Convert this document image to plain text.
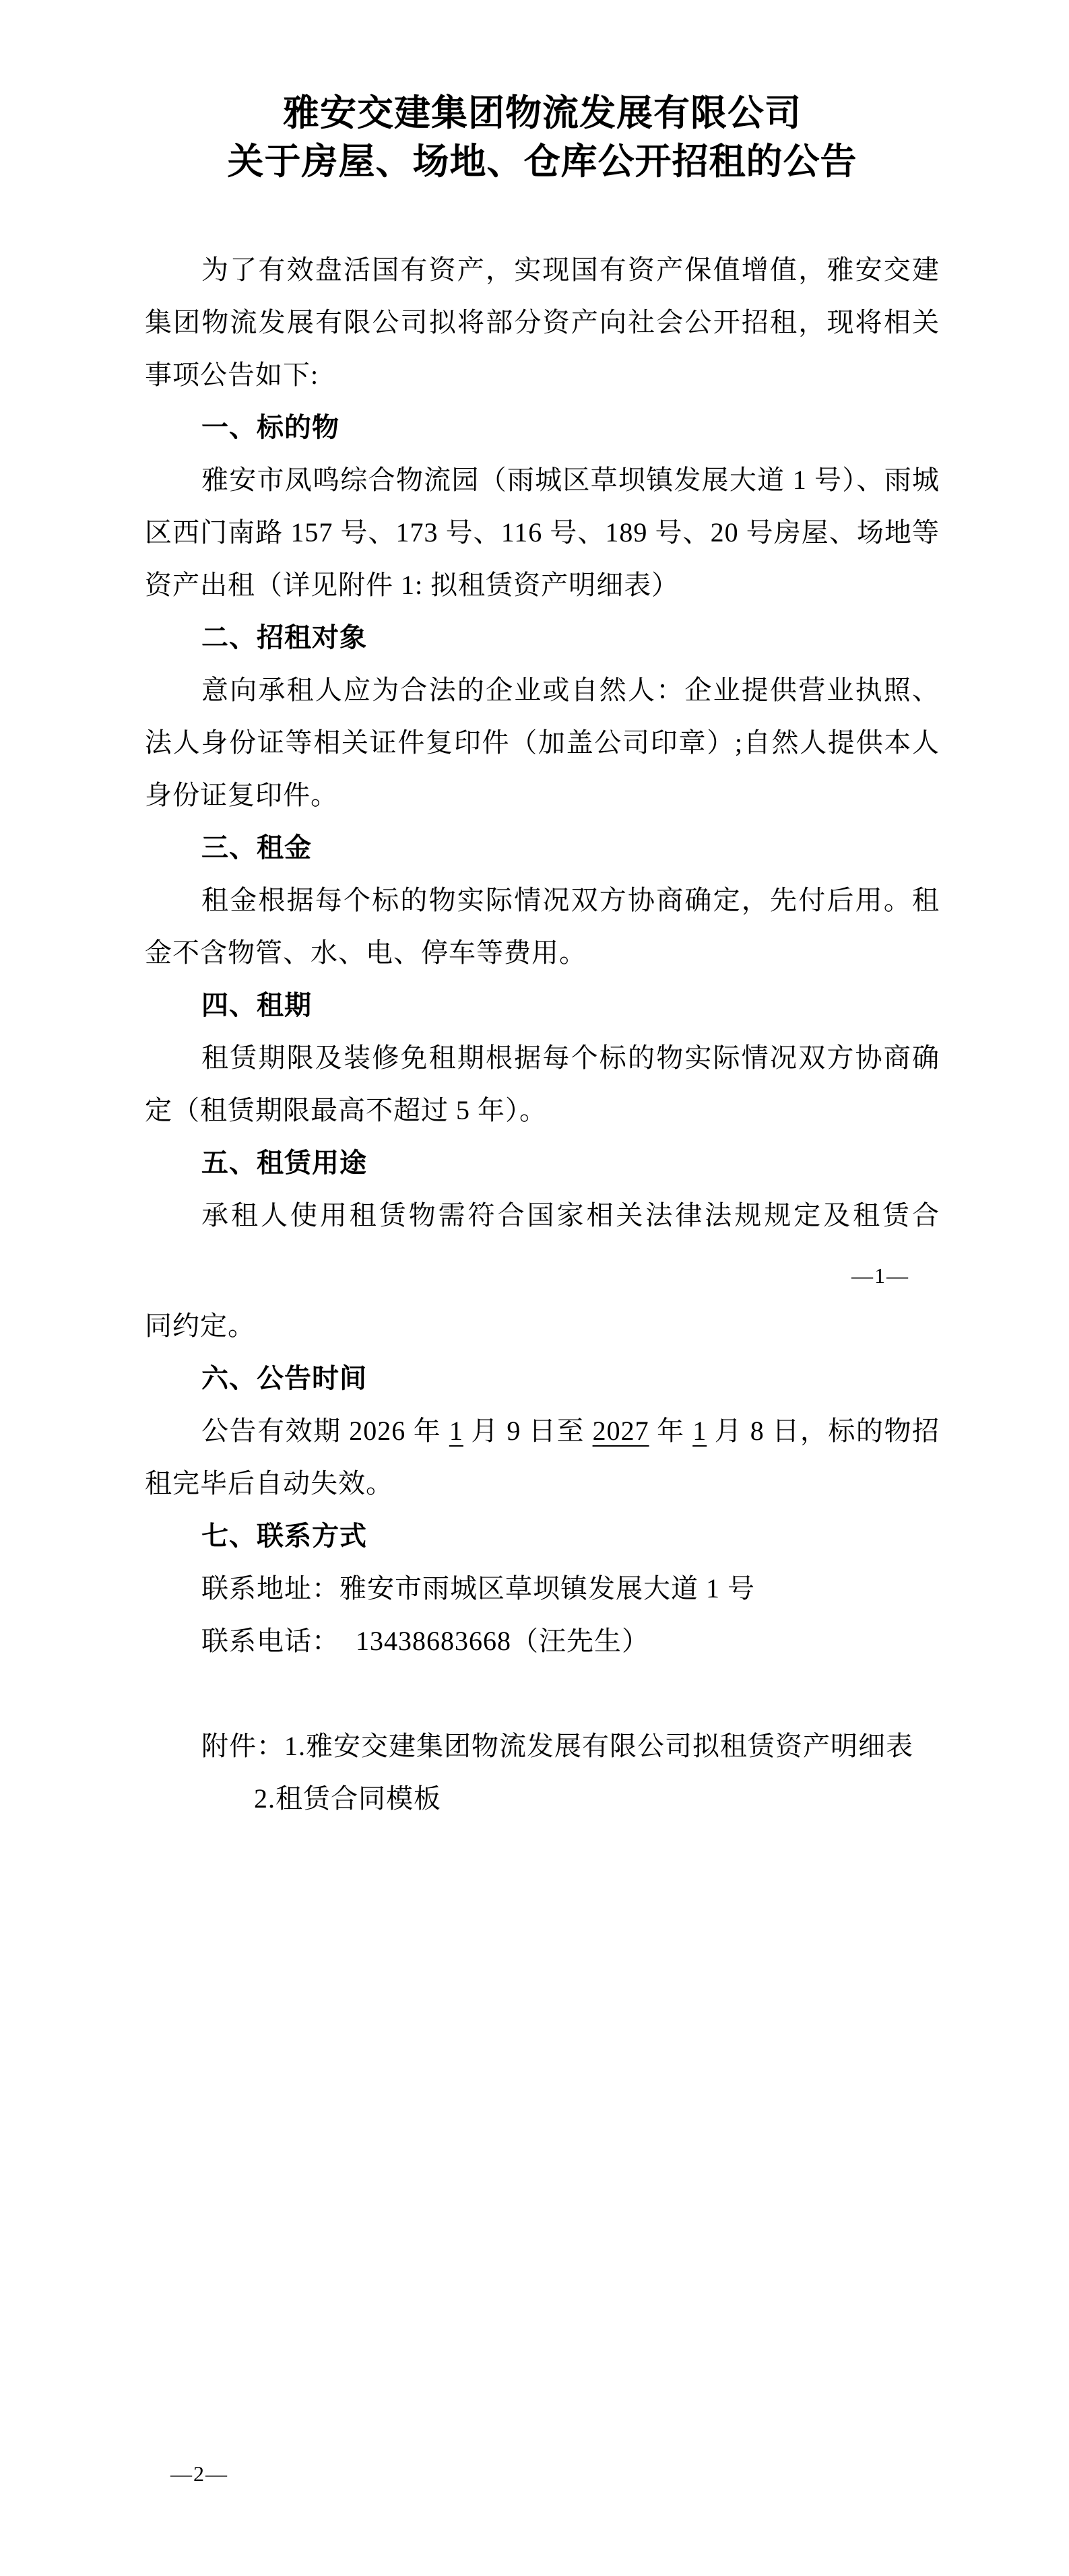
雅安交建集团物流发展有限公司
关于房屋、场地、仓库公开招租的公告

为了有效盘活国有资产，实现国有资产保值增值，雅安交建集团物流发展有限公司拟将部分资产向社会公开招租，现将相关事项公告如下:

一、标的物

雅安市凤鸣综合物流园（雨城区草坝镇发展大道 1 号）、雨城区西门南路 157 号、173 号、116 号、189 号、20 号房屋、场地等资产出租（详见附件 1: 拟租赁资产明细表）

二、招租对象

意向承租人应为合法的企业或自然人：企业提供营业执照、法人身份证等相关证件复印件（加盖公司印章）;自然人提供本人身份证复印件。

三、租金

租金根据每个标的物实际情况双方协商确定，先付后用。租金不含物管、水、电、停车等费用。

四、租期

租赁期限及装修免租期根据每个标的物实际情况双方协商确定（租赁期限最高不超过 5 年）。

五、租赁用途

承租人使用租赁物需符合国家相关法律法规规定及租赁合

—1—

同约定。

六、公告时间

公告有效期 2026 年 1 月 9 日至 2027 年 1 月 8 日，标的物招租完毕后自动失效。

七、联系方式

联系地址：雅安市雨城区草坝镇发展大道 1 号

联系电话： 13438683668（汪先生）

附件：1.雅安交建集团物流发展有限公司拟租赁资产明细表

2.租赁合同模板

—2—
